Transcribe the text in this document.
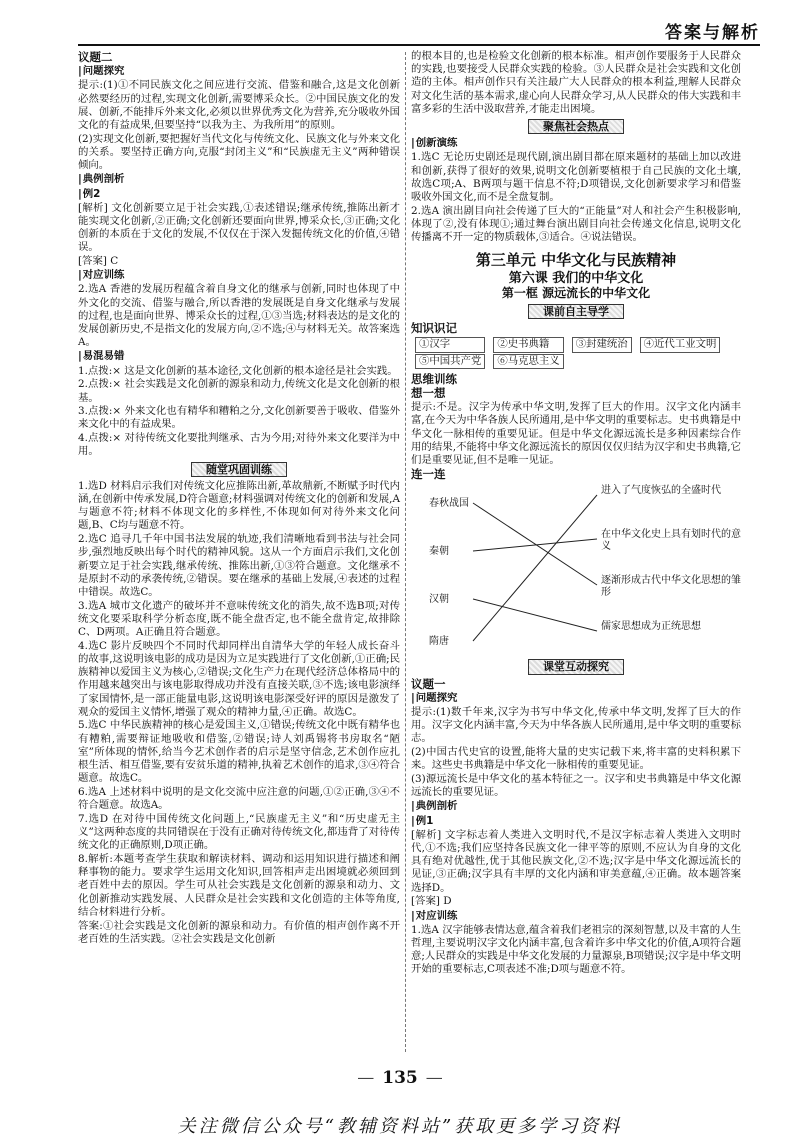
答案与解析
议题二
| 问题探究

提示:(1)①不同民族文化之间应进行交流、借鉴和融合,这是文化创新必然要经历的过程,实现文化创新,需要博采众长。②中国民族文化的发展、创新,不能排斥外来文化,必须以世界优秀文化为营养,充分吸收外国文化的有益成果,但要坚持“以我为主、为我所用”的原则。

(2)实现文化创新,要把握好当代文化与传统文化、民族文化与外来文化的关系。要坚持正确方向,克服“封闭主义”和“民族虚无主义”两种错误倾向。

| 典例剖析
| 例2

[解析] 文化创新要立足于社会实践,①表述错误;继承传统,推陈出新才能实现文化创新,②正确;文化创新还要面向世界,博采众长,③正确;文化创新的本质在于文化的发展,不仅仅在于深入发掘传统文化的价值,④错误。

[答案] C

| 对应训练

2.选A 香港的发展历程蕴含着自身文化的继承与创新,同时也体现了中外文化的交流、借鉴与融合,所以香港的发展既是自身文化继承与发展的过程,也是面向世界、博采众长的过程,①③当选;材料表达的是文化的发展创新历史,不是指文化的发展方向,②不选;④与材料无关。故答案选A。

| 易混易错

1.点拨:× 这是文化创新的基本途径,文化创新的根本途径是社会实践。

2.点拨:× 社会实践是文化创新的源泉和动力,传统文化是文化创新的根基。

3.点拨:× 外来文化也有精华和糟粕之分,文化创新要善于吸收、借鉴外来文化中的有益成果。

4.点拨:× 对待传统文化要批判继承、古为今用;对待外来文化要洋为中用。

随堂巩固训练

1.选D 材料启示我们对传统文化应推陈出新,革故鼎新,不断赋予时代内涵,在创新中传承发展,D符合题意;材料强调对传统文化的创新和发展,A与题意不符;材料不体现文化的多样性,不体现如何对待外来文化问题,B、C均与题意不符。

2.选C 追寻几千年中国书法发展的轨迹,我们清晰地看到书法与社会同步,强烈地反映出每个时代的精神风貌。这从一个方面启示我们,文化创新要立足于社会实践,继承传统、推陈出新,①③符合题意。文化继承不是原封不动的承袭传统,②错误。要在继承的基础上发展,④表述的过程中错误。故选C。

3.选A 城市文化遗产的破坏并不意味传统文化的消失,故不选B项;对传统文化要采取科学分析态度,既不能全盘否定,也不能全盘肯定,故排除C、D两项。A正确且符合题意。

4.选C 影片反映四个不同时代却同样出自清华大学的年轻人成长奋斗的故事,这说明该电影的成功是因为立足实践进行了文化创新,①正确;民族精神以爱国主义为核心,②错误;文化生产力在现代经济总体格局中的作用越来越突出与该电影取得成功并没有直接关联,③不选;该电影演绎了家国情怀,是一部正能量电影,这说明该电影深受好评的原因是激发了观众的爱国主义情怀,增强了观众的精神力量,④正确。故选C。

5.选C 中华民族精神的核心是爱国主义,①错误;传统文化中既有精华也有糟粕,需要辩证地吸收和借鉴,②错误;诗人刘禹锡将书房取名“陋室”所体现的情怀,给当今艺术创作者的启示是坚守信念,艺术创作应扎根生活、相互借鉴,要有安贫乐道的精神,执着艺术创作的追求,③④符合题意。故选C。

6.选A 上述材料中说明的是文化交流中应注意的问题,①②正确,③④不符合题意。故选A。

7.选D 在对待中国传统文化问题上,“民族虚无主义”和“历史虚无主义”这两种态度的共同错误在于没有正确对待传统文化,都违背了对待传统文化的正确原则,D项正确。

8.解析:本题考查学生获取和解读材料、调动和运用知识进行描述和阐释事物的能力。要求学生运用文化知识,回答相声走出困境就必须回到老百姓中去的原因。学生可从社会实践是文化创新的源泉和动力、文化创新推动实践发展、人民群众是社会实践和文化创造的主体等角度,结合材料进行分析。

答案:①社会实践是文化创新的源泉和动力。有价值的相声创作离不开老百姓的生活实践。②社会实践是文化创新

的根本目的,也是检验文化创新的根本标准。相声创作要服务于人民群众的实践,也要接受人民群众实践的检验。③人民群众是社会实践和文化创造的主体。相声创作只有关注最广大人民群众的根本利益,理解人民群众对文化生活的基本需求,虚心向人民群众学习,从人民群众的伟大实践和丰富多彩的生活中汲取营养,才能走出困境。

聚焦社会热点
| 创新演练

1.选C 无论历史剧还是现代剧,演出剧目都在原来题材的基础上加以改进和创新,获得了很好的效果,说明文化创新要植根于自己民族的文化土壤,故选C项;A、B两项与题干信息不符;D项错误,文化创新要求学习和借鉴吸收外国文化,而不是全盘复制。

2.选A 演出剧目向社会传递了巨大的“正能量”对人和社会产生积极影响,体现了②,没有体现①;通过舞台演出剧目向社会传递文化信息,说明文化传播离不开一定的物质载体,③适合。④说法错误。

第三单元 中华文化与民族精神
第六课 我们的中华文化
第一框 源远流长的中华文化
课前自主导学
知识识记
①汉字	②史书典籍	③封建统治	④近代工业文明
⑤中国共产党	⑥马克思主义
思维训练
想一想

提示:不是。汉字为传承中华文明,发挥了巨大的作用。汉字文化内涵丰富,在今天为中华各族人民所通用,是中华文明的重要标志。史书典籍是中华文化一脉相传的重要见证。但是中华文化源远流长是多种因素综合作用的结果,不能将中华文化源远流长的原因仅仅归结为汉字和史书典籍,它们是重要见证,但不是唯一见证。

连一连
春秋战国
秦朝
汉朝
隋唐
进入了气度恢弘的全盛时代
在中华文化史上具有划时代的意义
逐渐形成古代中华文化思想的雏形
儒家思想成为正统思想
课堂互动探究
议题一
| 问题探究

提示:(1)数千年来,汉字为书写中华文化,传承中华文明,发挥了巨大的作用。汉字文化内涵丰富,今天为中华各族人民所通用,是中华文明的重要标志。

(2)中国古代史官的设置,能将大量的史实记载下来,将丰富的史料积累下来。这些史书典籍是中华文化一脉相传的重要见证。

(3)源远流长是中华文化的基本特征之一。汉字和史书典籍是中华文化源远流长的重要见证。

| 典例剖析
| 例1

[解析] 文字标志着人类进入文明时代,不是汉字标志着人类进入文明时代,①不选;我们应坚持各民族文化一律平等的原则,不应认为自身的文化具有绝对优越性,优于其他民族文化,②不选;汉字是中华文化源远流长的见证,③正确;汉字具有丰厚的文化内涵和审美意蕴,④正确。故本题答案选择D。

[答案] D

| 对应训练

1.选A 汉字能够表情达意,蕴含着我们老祖宗的深刻智慧,以及丰富的人生哲理,主要说明汉字文化内涵丰富,包含着许多中华文化的价值,A项符合题意;人民群众的实践是中华文化发展的力量源泉,B项错误;汉字是中华文明开始的重要标志,C项表述不准;D项与题意不符。

— 135 —
关注微信公众号“教辅资料站”获取更多学习资料
